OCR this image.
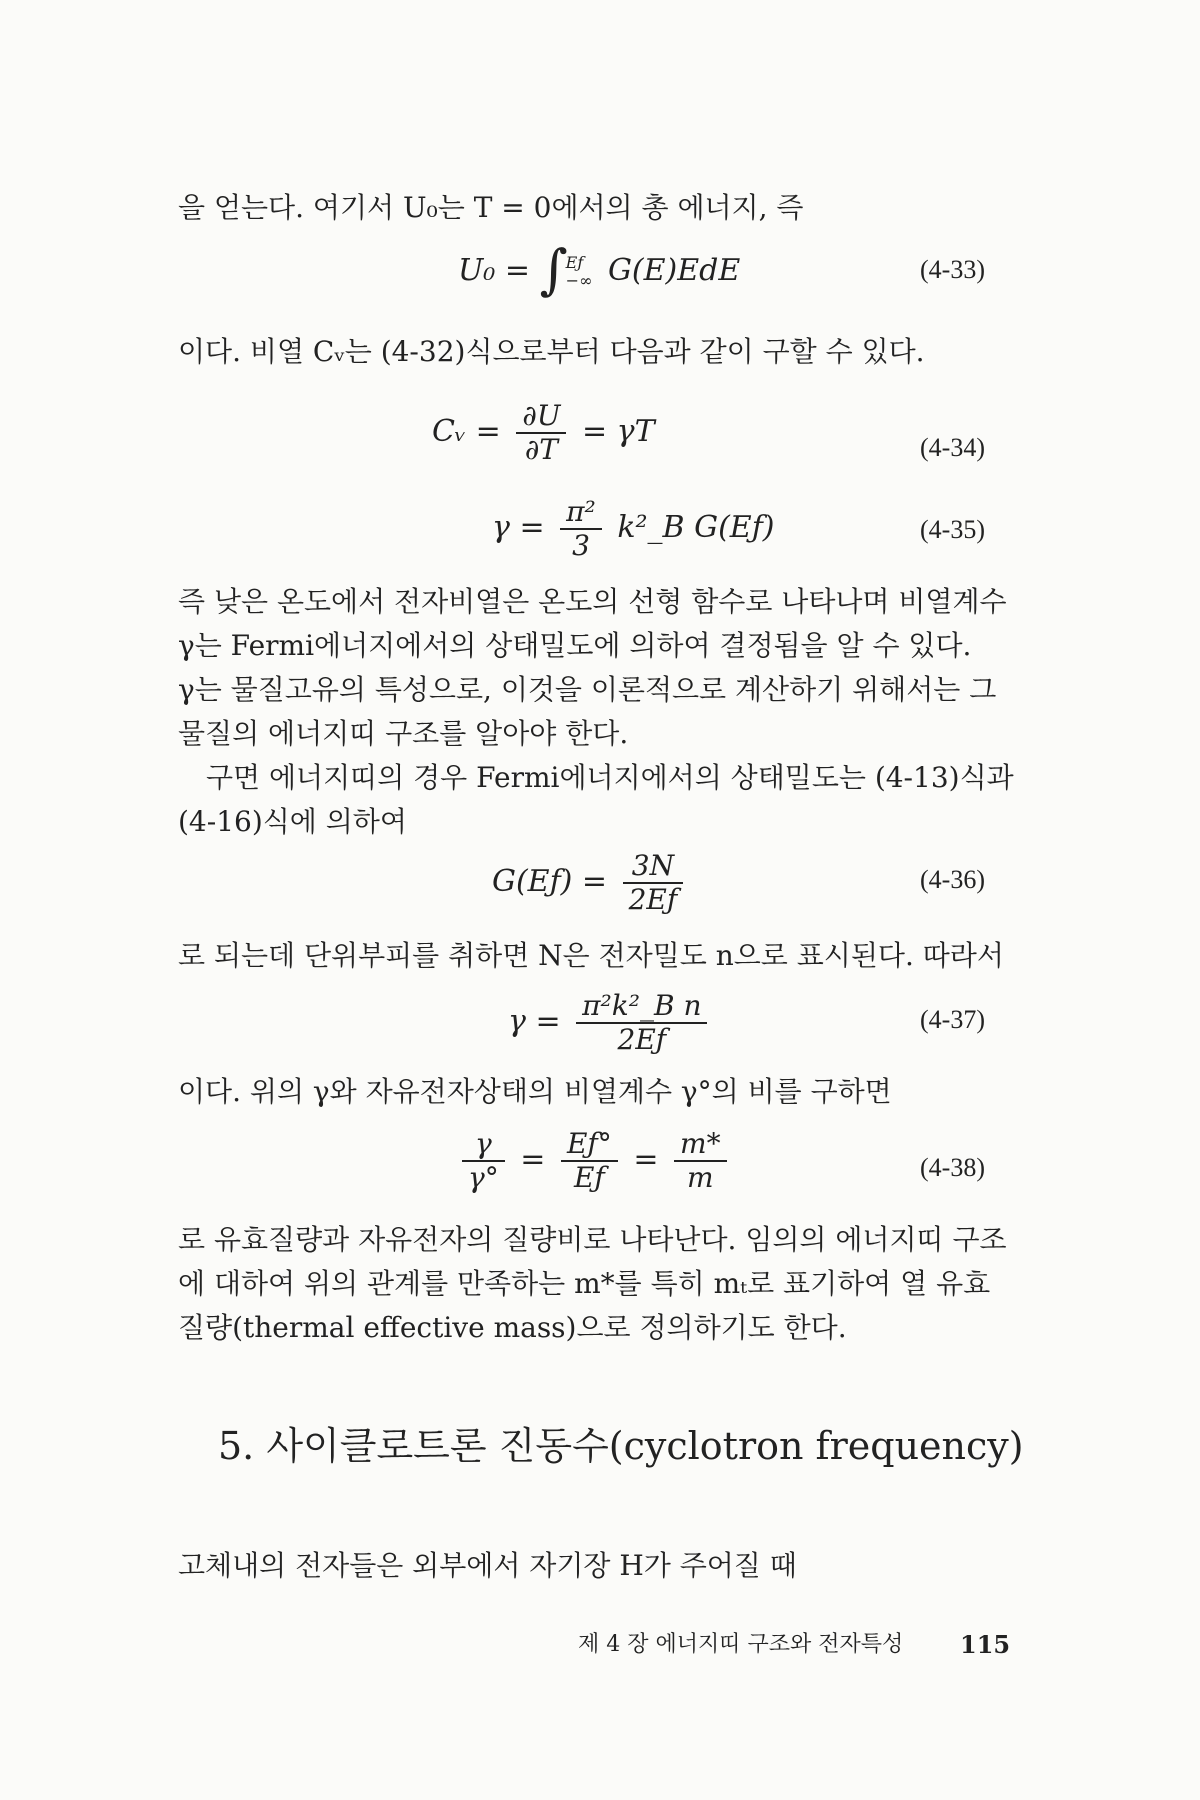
을 얻는다. 여기서 U₀는 T = 0에서의 총 에너지, 즉
U₀ = ∫
Eƒ
−∞ G(E)EdE	(4-33)
이다. 비열 Cᵥ는 (4-32)식으로부터 다음과 같이 구할 수 있다.
Cᵥ = $\frac{\partial U}{\partial T} = \gamma T$	(4-34)
$\gamma = \frac{\text{π²}}{3}$ k²_B G(Eƒ)	(4-35)
즉 낮은 온도에서 전자비열은 온도의 선형 함수로 나타나며 비열계수
γ는 Fermi에너지에서의 상태밀도에 의하여 결정됨을 알 수 있다.
γ는 물질고유의 특성으로, 이것을 이론적으로 계산하기 위해서는 그
물질의 에너지띠 구조를 알아야 한다.
구면 에너지띠의 경우 Fermi에너지에서의 상태밀도는 (4-13)식과
(4-16)식에 의하여
G(Eƒ) = $\frac{3N}{2Eƒ}$	(4-36)
로 되는데 단위부피를 취하면 N은 전자밀도 n으로 표시된다. 따라서
$\gamma = \frac{\text{π²k²\_B n}}{2Eƒ}$	(4-37)
이다. 위의 γ와 자유전자상태의 비열계수 γ°의 비를 구하면
$\frac{\gamma}{\gamma^\circ} = \frac{Eƒ^\circ}{Eƒ} = \frac{m*}{m}$	(4-38)
로 유효질량과 자유전자의 질량비로 나타난다. 임의의 에너지띠 구조
에 대하여 위의 관계를 만족하는 m*를 특히 mₜ로 표기하여 열 유효
질량(thermal effective mass)으로 정의하기도 한다.
5. 사이클로트론 진동수(cyclotron frequency)
고체내의 전자들은 외부에서 자기장 H가 주어질 때
제 4 장 에너지띠 구조와 전자특성 115
